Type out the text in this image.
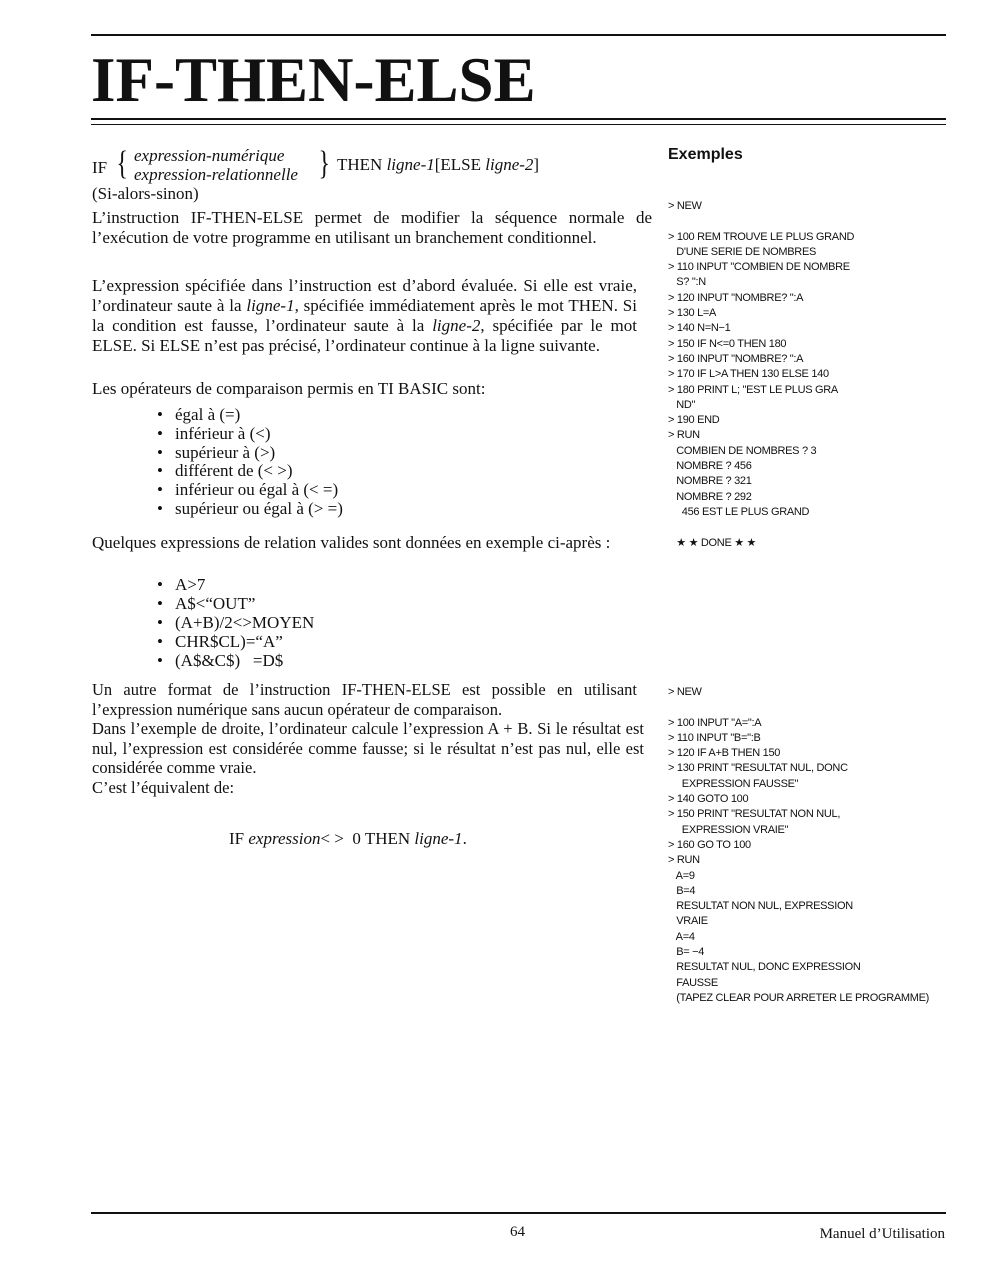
IF-THEN-ELSE
IF { expression-numérique
expression-relationnelle } THEN ligne-1[ELSE ligne-2]
(Si-alors-sinon)

L’instruction IF-THEN-ELSE permet de modifier la séquence normale de l’exécution de votre programme en utilisant un branchement conditionnel.

L’expression spécifiée dans l’instruction est d’abord évaluée. Si elle est vraie, l’ordinateur saute à la ligne-1, spécifiée immédiatement après le mot THEN. Si la condition est fausse, l’ordinateur saute à la ligne-2, spécifiée par le mot ELSE. Si ELSE n’est pas précisé, l’ordinateur continue à la ligne suivante.

Les opérateurs de comparaison permis en TI BASIC sont:

• égal à (=)
• inférieur à (<)
• supérieur à (>)
• différent de (< >)
• inférieur ou égal à (< =)
• supérieur ou égal à (> =)

Quelques expressions de relation valides sont données en exemple ci-après :

• A>7
• A$<“OUT”
• (A+B)/2<>MOYEN
• CHR$CL)=“A”
• (A$&C$)   =D$

Un autre format de l’instruction IF-THEN-ELSE est possible en utilisant l’expression numérique sans aucun opérateur de comparaison.

Dans l’exemple de droite, l’ordinateur calcule l’expression A + B. Si le résultat est nul, l’expression est considérée comme fausse; si le résultat n’est pas nul, elle est considérée comme vraie.

C’est l’équivalent de:

IF expression< >  0 THEN ligne-1.
Exemples
> NEW
> 100 REM TROUVE LE PLUS GRAND
D'UNE SERIE DE NOMBRES
> 110 INPUT "COMBIEN DE NOMBRE
S? ":N
> 120 INPUT "NOMBRE? ":A
> 130 L=A
> 140 N=N−1
> 150 IF N<=0 THEN 180
> 160 INPUT "NOMBRE? ":A
> 170 IF L>A THEN 130 ELSE 140
> 180 PRINT L; "EST LE PLUS GRA
ND"
> 190 END
> RUN
COMBIEN DE NOMBRES ? 3
NOMBRE ? 456
NOMBRE ? 321
NOMBRE ? 292
456 EST LE PLUS GRAND
★ ★ DONE ★ ★
> NEW
> 100 INPUT "A=":A
> 110 INPUT "B=":B
> 120 IF A+B THEN 150
> 130 PRINT "RESULTAT NUL, DONC
EXPRESSION FAUSSE"
> 140 GOTO 100
> 150 PRINT "RESULTAT NON NUL,
EXPRESSION VRAIE"
> 160 GO TO 100
> RUN
A=9
B=4
RESULTAT NON NUL, EXPRESSION
VRAIE
A=4
B= −4
RESULTAT NUL, DONC EXPRESSION
FAUSSE
(TAPEZ CLEAR POUR ARRETER LE PROGRAMME)
64	Manuel d’Utilisation
